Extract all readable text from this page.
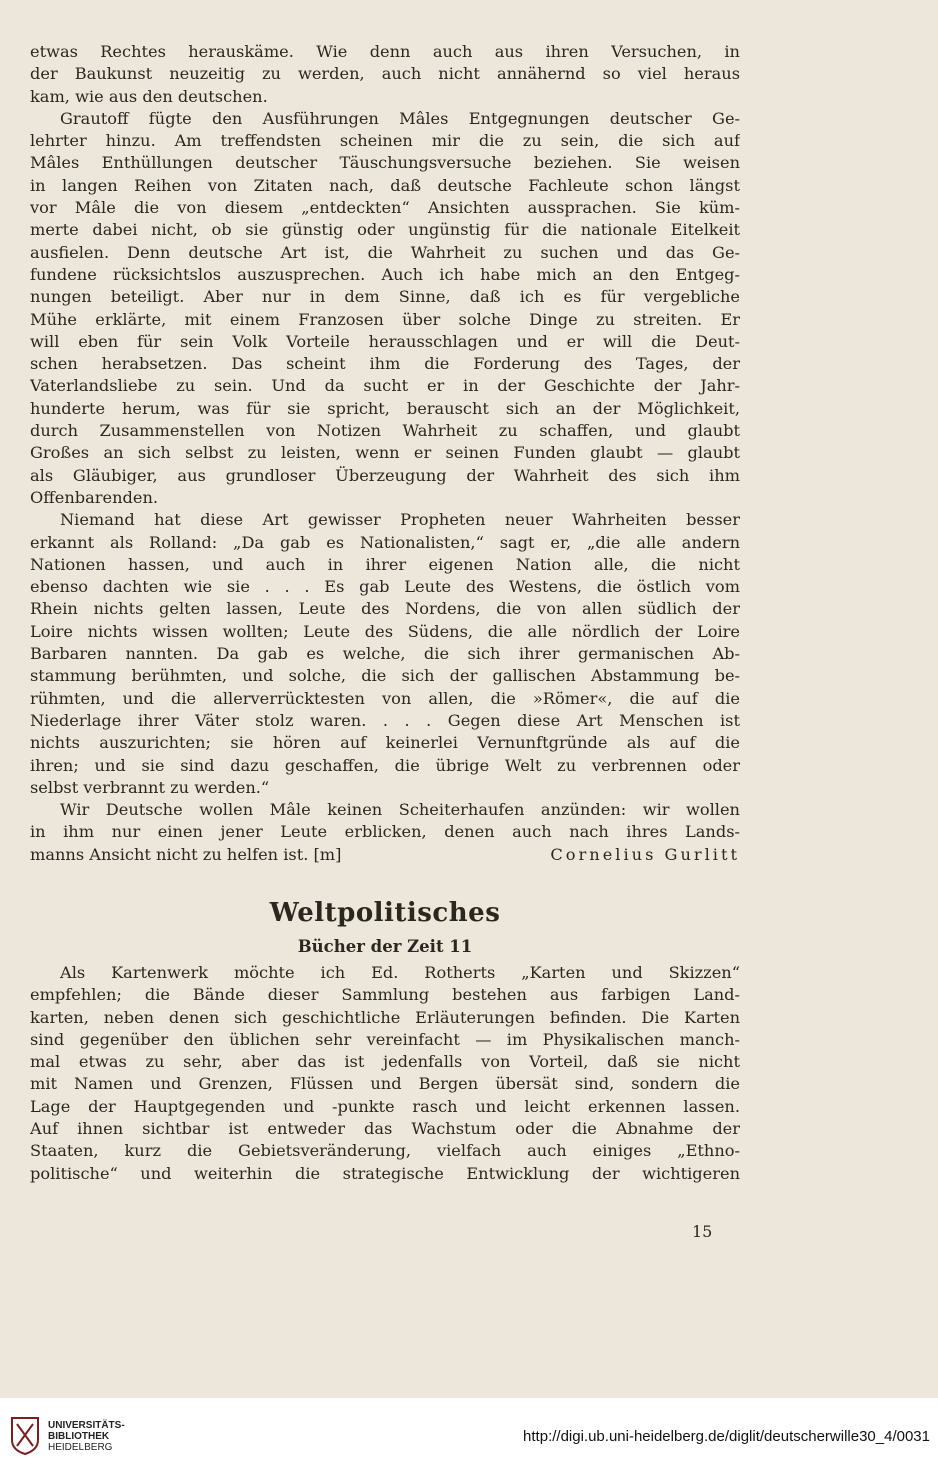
etwas Rechtes herauskäme. Wie denn auch aus ihren Versuchen, in
der Baukunst neuzeitig zu werden, auch nicht annähernd so viel heraus
kam, wie aus den deutschen.
Grautoff fügte den Ausführungen Mâles Entgegnungen deutscher Ge-
lehrter hinzu. Am treffendsten scheinen mir die zu sein, die sich auf
Mâles Enthüllungen deutscher Täuschungsversuche beziehen. Sie weisen
in langen Reihen von Zitaten nach, daß deutsche Fachleute schon längst
vor Mâle die von diesem „entdeckten“ Ansichten aussprachen. Sie küm-
merte dabei nicht, ob sie günstig oder ungünstig für die nationale Eitelkeit
ausfielen. Denn deutsche Art ist, die Wahrheit zu suchen und das Ge-
fundene rücksichtslos auszusprechen. Auch ich habe mich an den Entgeg-
nungen beteiligt. Aber nur in dem Sinne, daß ich es für vergebliche
Mühe erklärte, mit einem Franzosen über solche Dinge zu streiten. Er
will eben für sein Volk Vorteile herausschlagen und er will die Deut-
schen herabsetzen. Das scheint ihm die Forderung des Tages, der
Vaterlandsliebe zu sein. Und da sucht er in der Geschichte der Jahr-
hunderte herum, was für sie spricht, berauscht sich an der Möglichkeit,
durch Zusammenstellen von Notizen Wahrheit zu schaffen, und glaubt
Großes an sich selbst zu leisten, wenn er seinen Funden glaubt — glaubt
als Gläubiger, aus grundloser Überzeugung der Wahrheit des sich ihm
Offenbarenden.
Niemand hat diese Art gewisser Propheten neuer Wahrheiten besser
erkannt als Rolland: „Da gab es Nationalisten,“ sagt er, „die alle andern
Nationen hassen, und auch in ihrer eigenen Nation alle, die nicht
ebenso dachten wie sie . . . Es gab Leute des Westens, die östlich vom
Rhein nichts gelten lassen, Leute des Nordens, die von allen südlich der
Loire nichts wissen wollten; Leute des Südens, die alle nördlich der Loire
Barbaren nannten. Da gab es welche, die sich ihrer germanischen Ab-
stammung berühmten, und solche, die sich der gallischen Abstammung be-
rühmten, und die allerverrücktesten von allen, die »Römer«, die auf die
Niederlage ihrer Väter stolz waren. . . . Gegen diese Art Menschen ist
nichts auszurichten; sie hören auf keinerlei Vernunftgründe als auf die
ihren; und sie sind dazu geschaffen, die übrige Welt zu verbrennen oder
selbst verbrannt zu werden.“
Wir Deutsche wollen Mâle keinen Scheiterhaufen anzünden: wir wollen
in ihm nur einen jener Leute erblicken, denen auch nach ihres Lands-
manns Ansicht nicht zu helfen ist. [m]	Cornelius Gurlitt
Weltpolitisches
Bücher der Zeit 11
Als Kartenwerk möchte ich Ed. Rotherts „Karten und Skizzen“
empfehlen; die Bände dieser Sammlung bestehen aus farbigen Land-
karten, neben denen sich geschichtliche Erläuterungen befinden. Die Karten
sind gegenüber den üblichen sehr vereinfacht — im Physikalischen manch-
mal etwas zu sehr, aber das ist jedenfalls von Vorteil, daß sie nicht
mit Namen und Grenzen, Flüssen und Bergen übersät sind, sondern die
Lage der Hauptgegenden und -punkte rasch und leicht erkennen lassen.
Auf ihnen sichtbar ist entweder das Wachstum oder die Abnahme der
Staaten, kurz die Gebietsveränderung, vielfach auch einiges „Ethno-
politische“ und weiterhin die strategische Entwicklung der wichtigeren
15
UNIVERSITÄTS-
BIBLIOTHEK
HEIDELBERG
http://digi.ub.uni-heidelberg.de/diglit/deutscherwille30_4/0031
